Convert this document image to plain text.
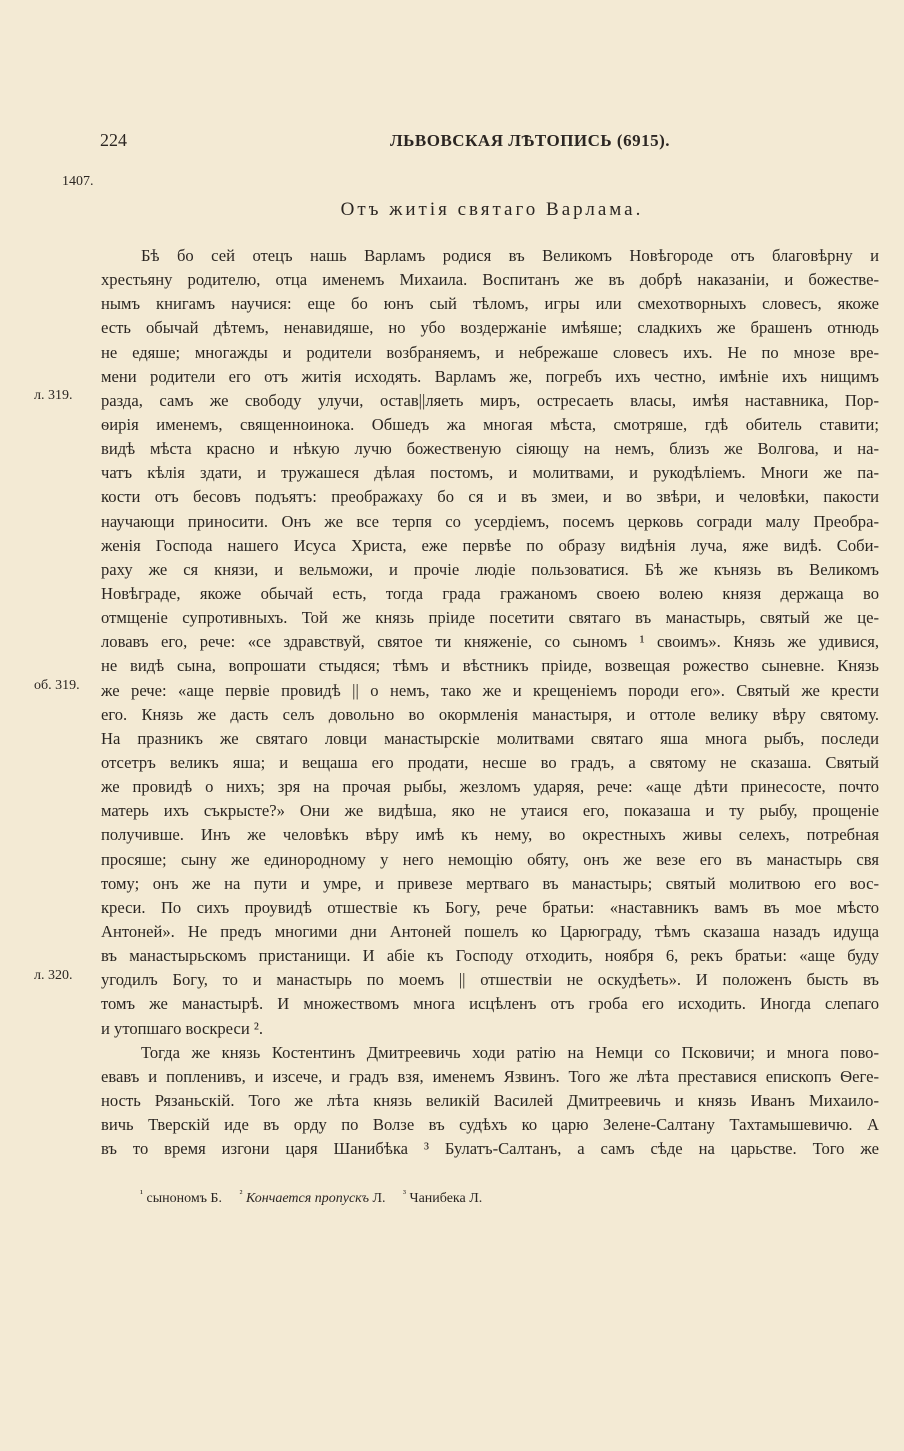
224	ЛЬВОВСКАЯ ЛѢТОПИСЬ (6915).
1407.
Отъ житія святаго Варлама.
л. 319.
об. 319.
л. 320.
Бѣ бо сей отецъ нашь Варламъ родися въ Великомъ Новѣгороде отъ благовѣрну и
хрестьяну родителю, отца именемъ Михаила. Воспитанъ же въ добрѣ наказаніи, и божестве-
нымъ книгамъ научися: еще бо юнъ сый тѣломъ, игры или смехотворныхъ словесъ, якоже
есть обычай дѣтемъ, ненавидяше, но убо воздержаніе имѣяше; сладкихъ же брашенъ отнюдь
не едяше; многажды и родители возбраняемъ, и небрежаше словесъ ихъ. Не по мнозе вре-
мени родители его отъ житія исходять. Варламъ же, погребъ ихъ честно, имѣніе ихъ нищимъ
разда, самъ же свободу улучи, остав||ляеть миръ, остресаеть власы, имѣя наставника, Пор-
ѳирія именемъ, священноинока. Обшедъ жа многая мѣста, смотряше, гдѣ обитель ставити;
видѣ мѣста красно и нѣкую лучю божественую сіяющу на немъ, близъ же Волгова, и на-
чатъ кѣлія здати, и тружашеся дѣлая постомъ, и молитвами, и рукодѣліемъ. Многи же па-
кости отъ бесовъ подъятъ: преображаху бо ся и въ змеи, и во звѣри, и человѣки, пакости
научающи приносити. Онъ же все терпя со усердіемъ, посемъ церковь согради малу Преобра-
женія Господа нашего Исуса Христа, еже первѣе по образу видѣнія луча, яже видѣ. Соби-
раху же ся князи, и вельможи, и прочіе людіе пользоватися. Бѣ же кънязь въ Великомъ
Новѣграде, якоже обычай есть, тогда града гражаномъ своею волею князя держаща во
отмщеніе супротивныхъ. Той же князь пріиде посетити святаго въ манастырь, святый же це-
ловавъ его, рече: «се здравствуй, святое ти княженіе, со сыномъ ¹ своимъ». Князь же удивися,
не видѣ сына, вопрошати стыдяся; тѣмъ и вѣстникъ пріиде, возвещая рожество сыневне. Князь
же рече: «аще первіе провидѣ || о немъ, тако же и крещеніемъ породи его». Святый же крести
его. Князь же дасть селъ довольно во окормленія манастыря, и оттоле велику вѣру святому.
На празникъ же святаго ловци манастырскіе молитвами святаго яша многа рыбъ, последи
отсетръ великъ яша; и вещаша его продати, несше во градъ, а святому не сказаша. Святый
же провидѣ о нихъ; зря на прочая рыбы, жезломъ ударяя, рече: «аще дѣти принесосте, почто
матерь ихъ съкрысте?» Они же видѣша, яко не утаися его, показаша и ту рыбу, прощеніе
получивше. Инъ же человѣкъ вѣру имѣ къ нему, во окрестныхъ живы селехъ, потребная
просяше; сыну же единородному у него немощію обяту, онъ же везе его въ манастырь свя
тому; онъ же на пути и умре, и привезе мертваго въ манастырь; святый молитвою его вос-
креси. По сихъ проувидѣ отшествіе къ Богу, рече братьи: «наставникъ вамъ въ мое мѣсто
Антоней». Не предъ многими дни Антоней пошелъ ко Царюграду, тѣмъ сказаша назадъ идуща
въ манастырьскомъ пристанищи. И абіе къ Господу отходить, ноября 6, рекъ братьи: «аще буду
угодилъ Богу, то и манастырь по моемъ || отшествіи не оскудѣеть». И положенъ бысть въ
томъ же манастырѣ. И множествомъ многа исцѣленъ отъ гроба его исходить. Иногда слепаго
и утопшаго воскреси ².
Тогда же князь Костентинъ Дмитреевичь ходи ратію на Немци со Псковичи; и многа пово-
евавъ и попленивъ, и изсече, и градъ взя, именемъ Язвинъ. Того же лѣта преставися епископъ Ѳеге-
ность Рязаньскій. Того же лѣта князь великій Василей Дмитреевичь и князь Иванъ Михаило-
вичь Тверскій иде въ орду по Волзе въ судѣхъ ко царю Зелене-Салтану Тахтамышевичю. А
въ то время изгони царя Шанибѣка ³ Булатъ-Салтанъ, а самъ сѣде на царьстве. Того же
$^{^1}$ сынономъ Б. $^{^2}$ Кончается пропускъ Л. $^{^3}$ Чанибека Л.
